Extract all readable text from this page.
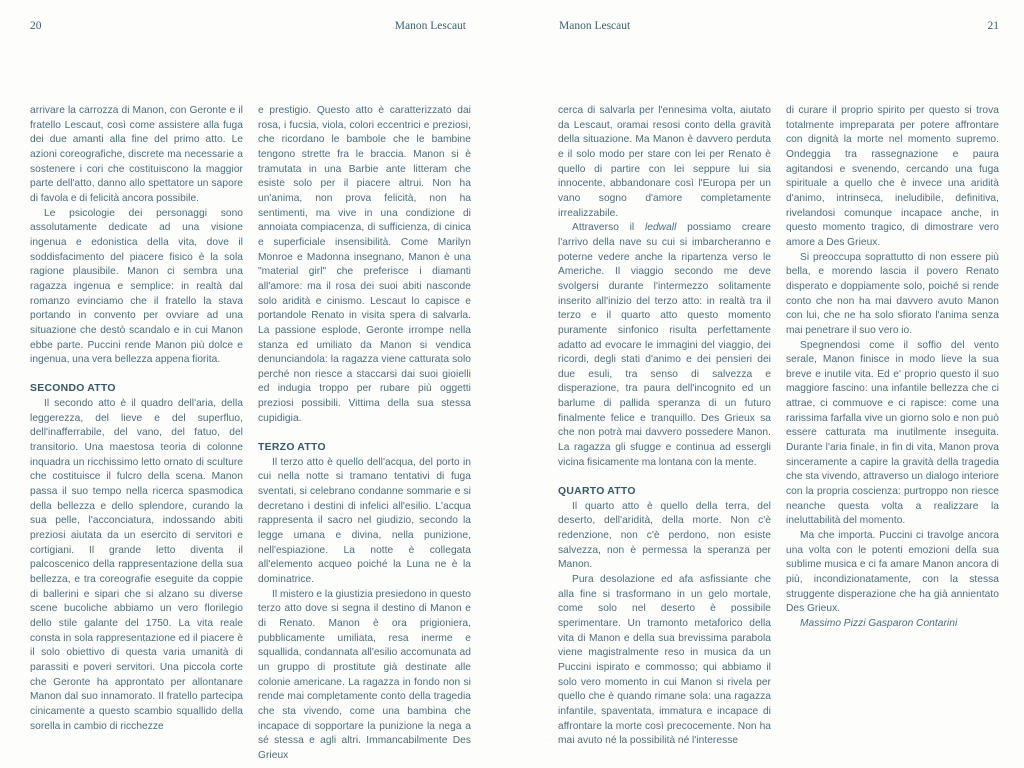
20	Manon Lescaut	Manon Lescaut	21

arrivare la carrozza di Manon, con Geronte e il fratello Lescaut, così come assistere alla fuga dei due amanti alla fine del primo atto. Le azioni coreografiche, discrete ma necessarie a sostenere i cori che costituiscono la maggior parte dell'atto, danno allo spettatore un sapore di favola e di felicità ancora possibile.

Le psicologie dei personaggi sono assolutamente dedicate ad una visione ingenua e edonistica della vita, dove il soddisfacimento del piacere fisico è la sola ragione plausibile. Manon ci sembra una ragazza ingenua e semplice: in realtà dal romanzo evinciamo che il fratello la stava portando in convento per ovviare ad una situazione che destò scandalo e in cui Manon ebbe parte. Puccini rende Manon più dolce e ingenua, una vera bellezza appena fiorita.

SECONDO ATTO

Il secondo atto è il quadro dell'aria, della leggerezza, del lieve e del superfluo, dell'inafferrabile, del vano, del fatuo, del transitorio. Una maestosa teoria di colonne inquadra un ricchissimo letto ornato di sculture che costituisce il fulcro della scena. Manon passa il suo tempo nella ricerca spasmodica della bellezza e dello splendore, curando la sua pelle, l'acconciatura, indossando abiti preziosi aiutata da un esercito di servitori e cortigiani. Il grande letto diventa il palcoscenico della rappresentazione della sua bellezza, e tra coreografie eseguite da coppie di ballerini e sipari che si alzano su diverse scene bucoliche abbiamo un vero florilegio dello stile galante del 1750. La vita reale consta in sola rappresentazione ed il piacere è il solo obiettivo di questa varia umanità di parassiti e poveri servitori. Una piccola corte che Geronte ha approntato per allontanare Manon dal suo innamorato. Il fratello partecipa cinicamente a questo scambio squallido della sorella in cambio di ricchezze

e prestigio. Questo atto è caratterizzato dai rosa, i fucsia, viola, colori eccentrici e preziosi, che ricordano le bambole che le bambine tengono strette fra le braccia. Manon si è tramutata in una Barbie ante litteram che esiste solo per il piacere altrui. Non ha un'anima, non prova felicità, non ha sentimenti, ma vive in una condizione di annoiata compiacenza, di sufficienza, di cinica e superficiale insensibilità. Come Marilyn Monroe e Madonna insegnano, Manon è una "material girl" che preferisce i diamanti all'amore: ma il rosa dei suoi abiti nasconde solo aridità e cinismo. Lescaut lo capisce e portandole Renato in visita spera di salvarla. La passione esplode, Geronte irrompe nella stanza ed umiliato da Manon si vendica denunciandola: la ragazza viene catturata solo perché non riesce a staccarsi dai suoi gioielli ed indugia troppo per rubare più oggetti preziosi possibili. Vittima della sua stessa cupidigia.

TERZO ATTO

Il terzo atto è quello dell'acqua, del porto in cui nella notte si tramano tentativi di fuga sventati, si celebrano condanne sommarie e si decretano i destini di infelici all'esilio. L'acqua rappresenta il sacro nel giudizio, secondo la legge umana e divina, nella punizione, nell'espiazione. La notte è collegata all'elemento acqueo poiché la Luna ne è la dominatrice.

Il mistero e la giustizia presiedono in questo terzo atto dove si segna il destino di Manon e di Renato. Manon è ora prigioniera, pubblicamente umiliata, resa inerme e squallida, condannata all'esilio accomunata ad un gruppo di prostitute già destinate alle colonie americane. La ragazza in fondo non si rende mai completamente conto della tragedia che sta vivendo, come una bambina che incapace di sopportare la punizione la nega a sé stessa e agli altri. Immancabilmente Des Grieux

cerca di salvarla per l'ennesima volta, aiutato da Lescaut, oramai resosi conto della gravità della situazione. Ma Manon è davvero perduta e il solo modo per stare con lei per Renato è quello di partire con lei seppure lui sia innocente, abbandonare così l'Europa per un vano sogno d'amore completamente irrealizzabile.

Attraverso il ledwall possiamo creare l'arrivo della nave su cui si imbarcheranno e poterne vedere anche la ripartenza verso le Americhe. Il viaggio secondo me deve svolgersi durante l'intermezzo solitamente inserito all'inizio del terzo atto: in realtà tra il terzo e il quarto atto questo momento puramente sinfonico risulta perfettamente adatto ad evocare le immagini del viaggio, dei ricordi, degli stati d'animo e dei pensieri dei due esuli, tra senso di salvezza e disperazione, tra paura dell'incognito ed un barlume di pallida speranza di un futuro finalmente felice e tranquillo. Des Grieux sa che non potrà mai davvero possedere Manon. La ragazza gli sfugge e continua ad essergli vicina fisicamente ma lontana con la mente.

QUARTO ATTO

Il quarto atto è quello della terra, del deserto, dell'aridità, della morte. Non c'è redenzione, non c'è perdono, non esiste salvezza, non è permessa la speranza per Manon.

Pura desolazione ed afa asfissiante che alla fine si trasformano in un gelo mortale, come solo nel deserto è possibile sperimentare. Un tramonto metaforico della vita di Manon e della sua brevissima parabola viene magistralmente reso in musica da un Puccini ispirato e commosso; qui abbiamo il solo vero momento in cui Manon si rivela per quello che è quando rimane sola: una ragazza infantile, spaventata, immatura e incapace di affrontare la morte così precocemente. Non ha mai avuto né la possibilità né l'interesse

di curare il proprio spirito per questo si trova totalmente impreparata per potere affrontare con dignità la morte nel momento supremo. Ondeggia tra rassegnazione e paura agitandosi e svenendo, cercando una fuga spirituale a quello che è invece una aridità d'animo, intrinseca, ineludibile, definitiva, rivelandosi comunque incapace anche, in questo momento tragico, di dimostrare vero amore a Des Grieux.

Si preoccupa soprattutto di non essere più bella, e morendo lascia il povero Renato disperato e doppiamente solo, poiché si rende conto che non ha mai davvero avuto Manon con lui, che ne ha solo sfiorato l'anima senza mai penetrare il suo vero io.

Spegnendosi come il soffio del vento serale, Manon finisce in modo lieve la sua breve e inutile vita. Ed e' proprio questo il suo maggiore fascino: una infantile bellezza che ci attrae, ci commuove e ci rapisce: come una rarissima farfalla vive un giorno solo e non può essere catturata ma inutilmente inseguita. Durante l'aria finale, in fin di vita, Manon prova sinceramente a capire la gravità della tragedia che sta vivendo, attraverso un dialogo interiore con la propria coscienza: purtroppo non riesce neanche questa volta a realizzare la ineluttabilità del momento.

Ma che importa. Puccini ci travolge ancora una volta con le potenti emozioni della sua sublime musica e ci fa amare Manon ancora di più, incondizionatamente, con la stessa struggente disperazione che ha già annientato Des Grieux.

Massimo Pizzi Gasparon Contarini
